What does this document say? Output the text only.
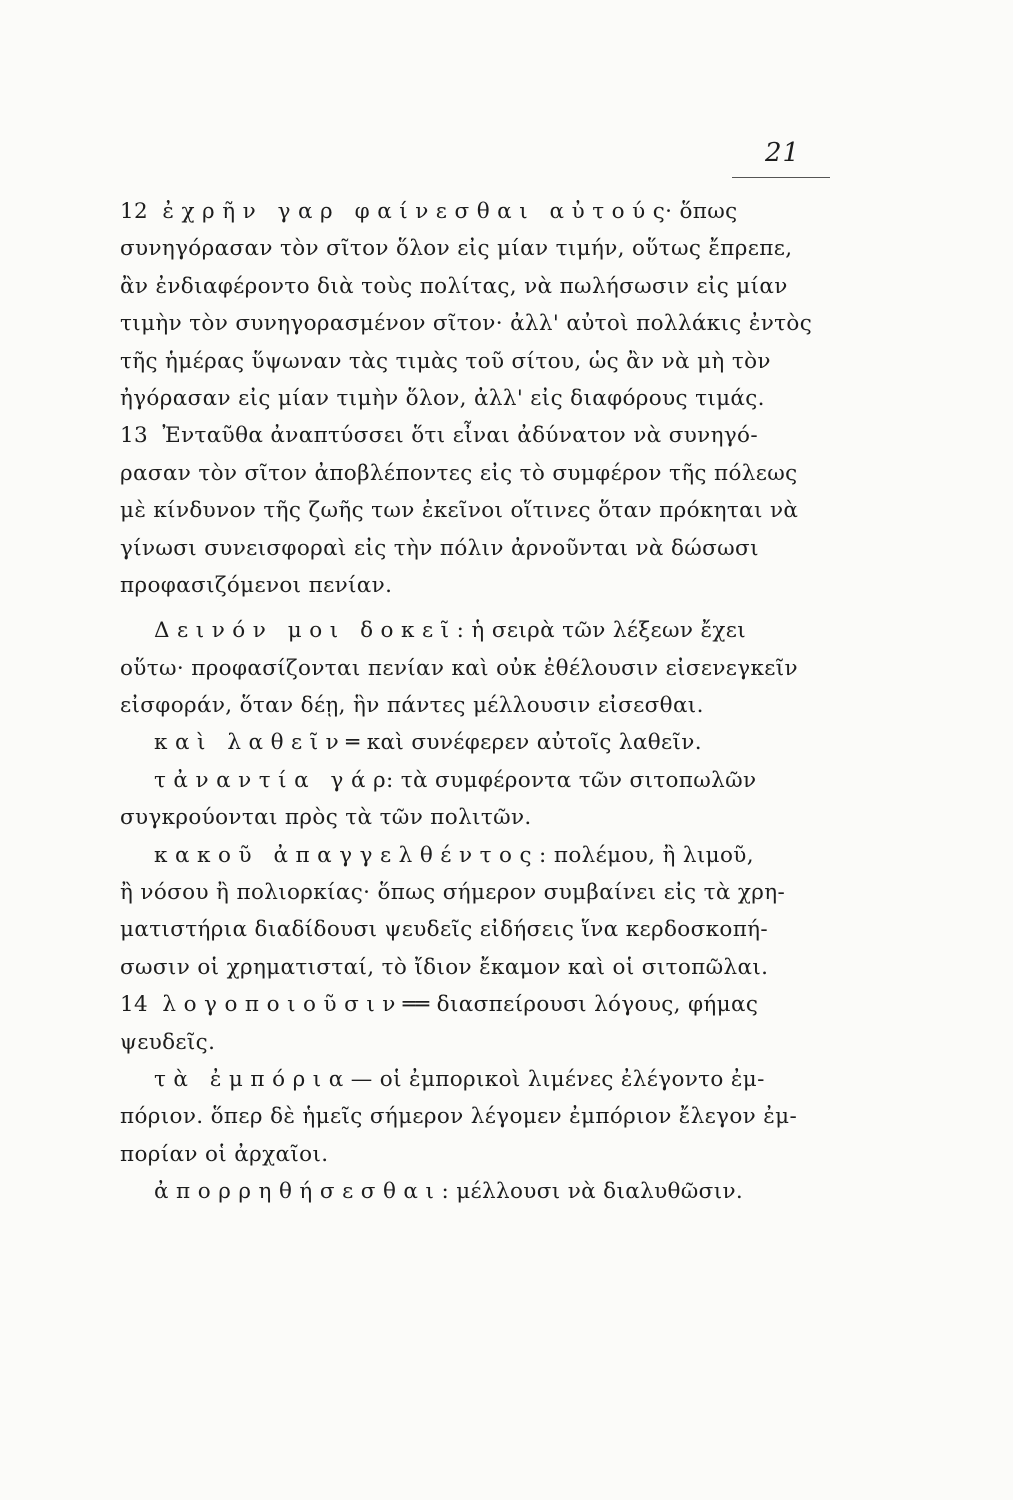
21
12  ἐ χ ρ ῆ ν   γ α ρ   φ α ί ν ε σ θ α ι   α ὐ τ ο ύ ς· ὅπως
συνηγόρασαν τὸν σῖτον ὅλον εἰς μίαν τιμήν, οὕτως ἔπρεπε,
ἂν ἐνδιαφέροντο διὰ τοὺς πολίτας, νὰ πωλήσωσιν εἰς μίαν
τιμὴν τὸν συνηγορασμένον σῖτον· ἀλλ' αὐτοὶ πολλάκις ἐντὸς
τῆς ἡμέρας ὕψωναν τὰς τιμὰς τοῦ σίτου, ὡς ἂν νὰ μὴ τὸν
ἠγόρασαν εἰς μίαν τιμὴν ὅλον, ἀλλ' εἰς διαφόρους τιμάς.
13  Ἐνταῦθα ἀναπτύσσει ὅτι εἶναι ἀδύνατον νὰ συνηγό-
ρασαν τὸν σῖτον ἀποβλέποντες εἰς τὸ συμφέρον τῆς πόλεως
μὲ κίνδυνον τῆς ζωῆς των ἐκεῖνοι οἵτινες ὅταν πρόκηται νὰ
γίνωσι συνεισφοραὶ εἰς τὴν πόλιν ἀρνοῦνται νὰ δώσωσι
προφασιζόμενοι πενίαν.
Δ ε ι ν ό ν   μ ο ι   δ ο κ ε ῖ : ἡ σειρὰ τῶν λέξεων ἔχει
οὕτω· προφασίζονται πενίαν καὶ οὐκ ἐθέλουσιν εἰσενεγκεῖν
εἰσφοράν, ὅταν δέῃ, ἣν πάντες μέλλουσιν εἰσεσθαι.
κ α ὶ   λ α θ ε ῖ ν ═ καὶ συνέφερεν αὐτοῖς λαθεῖν.
τ ἀ ν α ν τ ί α   γ ά ρ: τὰ συμφέροντα τῶν σιτοπωλῶν
συγκρούονται πρὸς τὰ τῶν πολιτῶν.
κ α κ ο ῦ   ἀ π α γ γ ε λ θ έ ν τ ο ς : πολέμου, ἢ λιμοῦ,
ἢ νόσου ἢ πολιορκίας· ὅπως σήμερον συμβαίνει εἰς τὰ χρη-
ματιστήρια διαδίδουσι ψευδεῖς εἰδήσεις ἵνα κερδοσκοπή-
σωσιν οἱ χρηματισταί, τὸ ἴδιον ἔκαμον καὶ οἱ σιτοπῶλαι.
14  λ ο γ ο π ο ι ο ῦ σ ι ν ══ διασπείρουσι λόγους, φήμας
ψευδεῖς.
τ ὰ   ἐ μ π ό ρ ι α — οἱ ἐμπορικοὶ λιμένες ἐλέγοντο ἐμ-
πόριον. ὅπερ δὲ ἡμεῖς σήμερον λέγομεν ἐμπόριον ἔλεγον ἐμ-
πορίαν οἱ ἀρχαῖοι.
ἀ π ο ρ ρ η θ ή σ ε σ θ α ι : μέλλουσι νὰ διαλυθῶσιν.
